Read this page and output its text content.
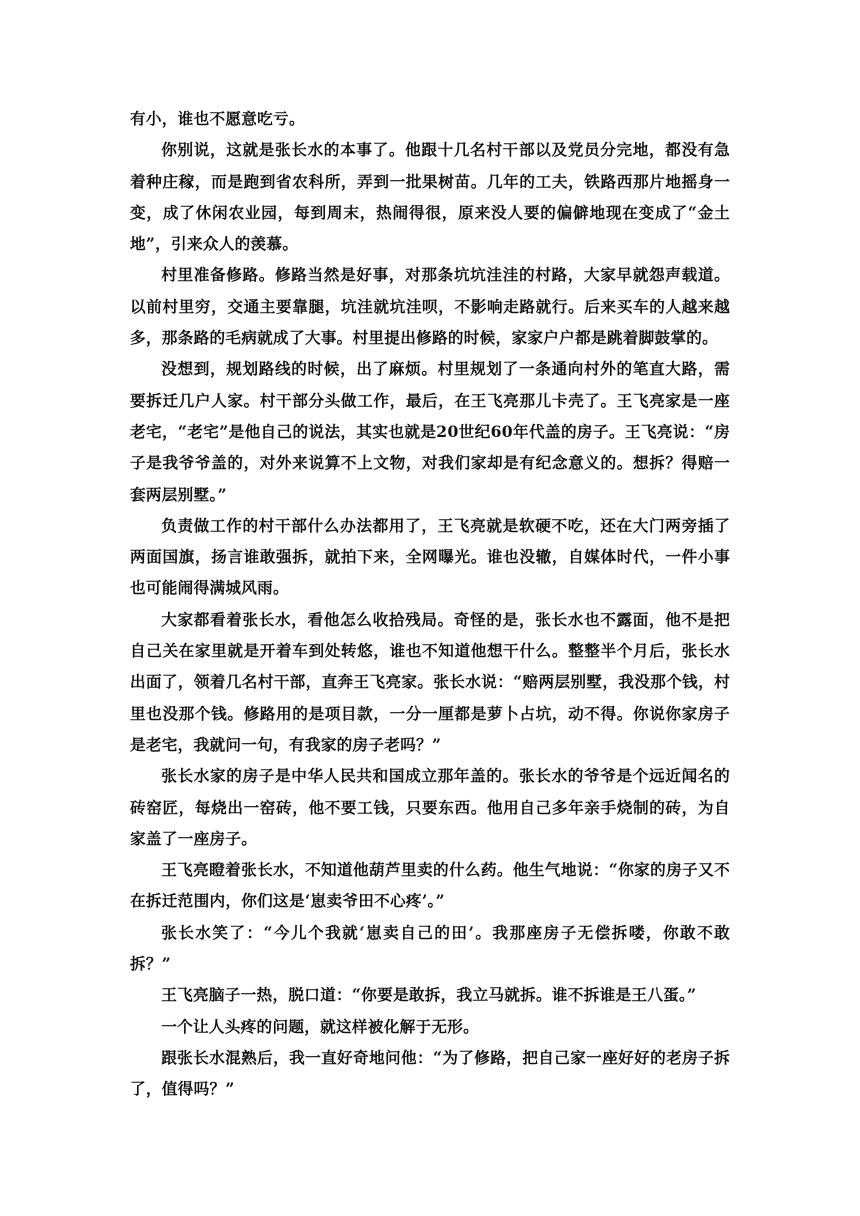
有小，谁也不愿意吃亏。

你别说，这就是张长水的本事了。他跟十几名村干部以及党员分完地，都没有急着种庄稼，而是跑到省农科所，弄到一批果树苗。几年的工夫，铁路西那片地摇身一变，成了休闲农业园，每到周末，热闹得很，原来没人要的偏僻地现在变成了“金土地”，引来众人的羡慕。

村里准备修路。修路当然是好事，对那条坑坑洼洼的村路，大家早就怨声载道。以前村里穷，交通主要靠腿，坑洼就坑洼呗，不影响走路就行。后来买车的人越来越多，那条路的毛病就成了大事。村里提出修路的时候，家家户户都是跳着脚鼓掌的。

没想到，规划路线的时候，出了麻烦。村里规划了一条通向村外的笔直大路，需要拆迁几户人家。村干部分头做工作，最后，在王飞亮那儿卡壳了。王飞亮家是一座老宅，“老宅”是他自己的说法，其实也就是20世纪60年代盖的房子。王飞亮说：“房子是我爷爷盖的，对外来说算不上文物，对我们家却是有纪念意义的。想拆？得赔一套两层别墅。”

负责做工作的村干部什么办法都用了，王飞亮就是软硬不吃，还在大门两旁插了两面国旗，扬言谁敢强拆，就拍下来，全网曝光。谁也没辙，自媒体时代，一件小事也可能闹得满城风雨。

大家都看着张长水，看他怎么收拾残局。奇怪的是，张长水也不露面，他不是把自己关在家里就是开着车到处转悠，谁也不知道他想干什么。整整半个月后，张长水出面了，领着几名村干部，直奔王飞亮家。张长水说：“赔两层别墅，我没那个钱，村里也没那个钱。修路用的是项目款，一分一厘都是萝卜占坑，动不得。你说你家房子是老宅，我就问一句，有我家的房子老吗？”

张长水家的房子是中华人民共和国成立那年盖的。张长水的爷爷是个远近闻名的砖窑匠，每烧出一窑砖，他不要工钱，只要东西。他用自己多年亲手烧制的砖，为自家盖了一座房子。

王飞亮瞪着张长水，不知道他葫芦里卖的什么药。他生气地说：“你家的房子又不在拆迁范围内，你们这是‘崽卖爷田不心疼’。”

张长水笑了：“今儿个我就‘崽卖自己的田’。我那座房子无偿拆喽，你敢不敢拆？”

王飞亮脑子一热，脱口道：“你要是敢拆，我立马就拆。谁不拆谁是王八蛋。”

一个让人头疼的问题，就这样被化解于无形。

跟张长水混熟后，我一直好奇地问他：“为了修路，把自己家一座好好的老房子拆了，值得吗？”
